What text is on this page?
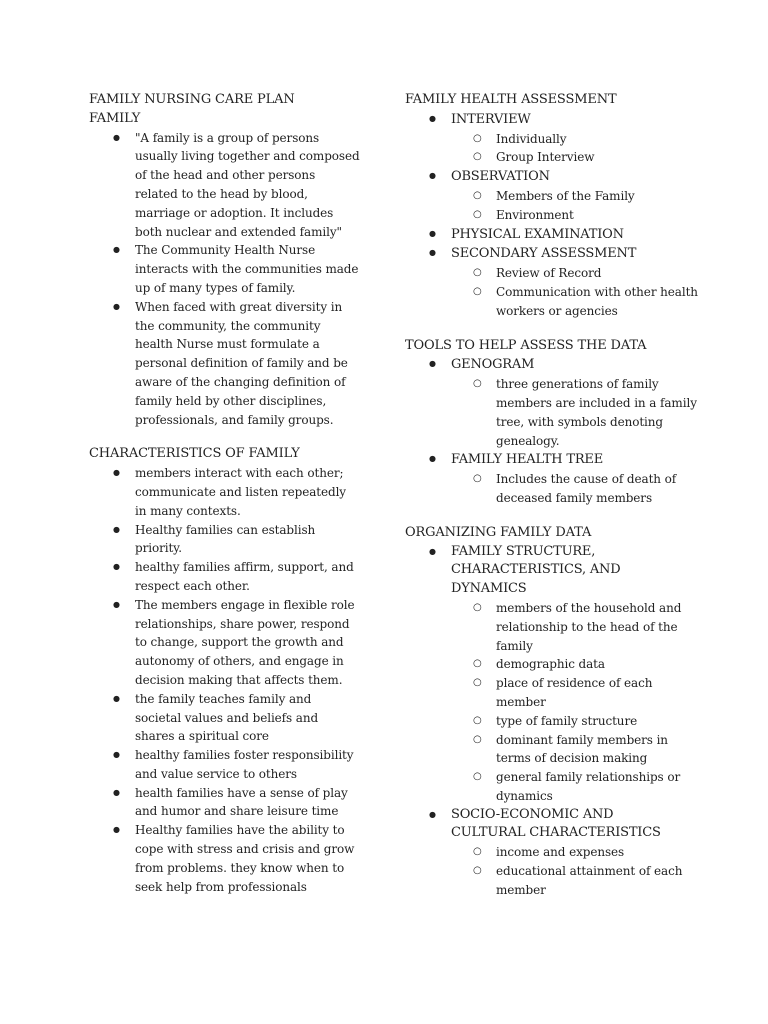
FAMILY NURSING CARE PLAN
FAMILY
● "A family is a group of persons usually living together and composed of the head and other persons related to the head by blood, marriage or adoption. It includes both nuclear and extended family"
● The Community Health Nurse interacts with the communities made up of many types of family.
● When faced with great diversity in the community, the community health Nurse must formulate a personal definition of family and be aware of the changing definition of family held by other disciplines, professionals, and family groups.
CHARACTERISTICS OF FAMILY
● members interact with each other; communicate and listen repeatedly in many contexts.
● Healthy families can establish priority.
● healthy families affirm, support, and respect each other.
● The members engage in flexible role relationships, share power, respond to change, support the growth and autonomy of others, and engage in decision making that affects them.
● the family teaches family and societal values and beliefs and shares a spiritual core
● healthy families foster responsibility and value service to others
● health families have a sense of play and humor and share leisure time
● Healthy families have the ability to cope with stress and crisis and grow from problems. they know when to seek help from professionals
FAMILY HEALTH ASSESSMENT
● INTERVIEW
○ Individually
○ Group Interview
● OBSERVATION
○ Members of the Family
○ Environment
● PHYSICAL EXAMINATION
● SECONDARY ASSESSMENT
○ Review of Record
○ Communication with other health workers or agencies
TOOLS TO HELP ASSESS THE DATA
● GENOGRAM
○ three generations of family members are included in a family tree, with symbols denoting genealogy.
● FAMILY HEALTH TREE
○ Includes the cause of death of deceased family members
ORGANIZING FAMILY DATA
● FAMILY STRUCTURE, CHARACTERISTICS, AND DYNAMICS
○ members of the household and relationship to the head of the family
○ demographic data
○ place of residence of each member
○ type of family structure
○ dominant family members in terms of decision making
○ general family relationships or dynamics
● SOCIO-ECONOMIC AND CULTURAL CHARACTERISTICS
○ income and expenses
○ educational attainment of each member
